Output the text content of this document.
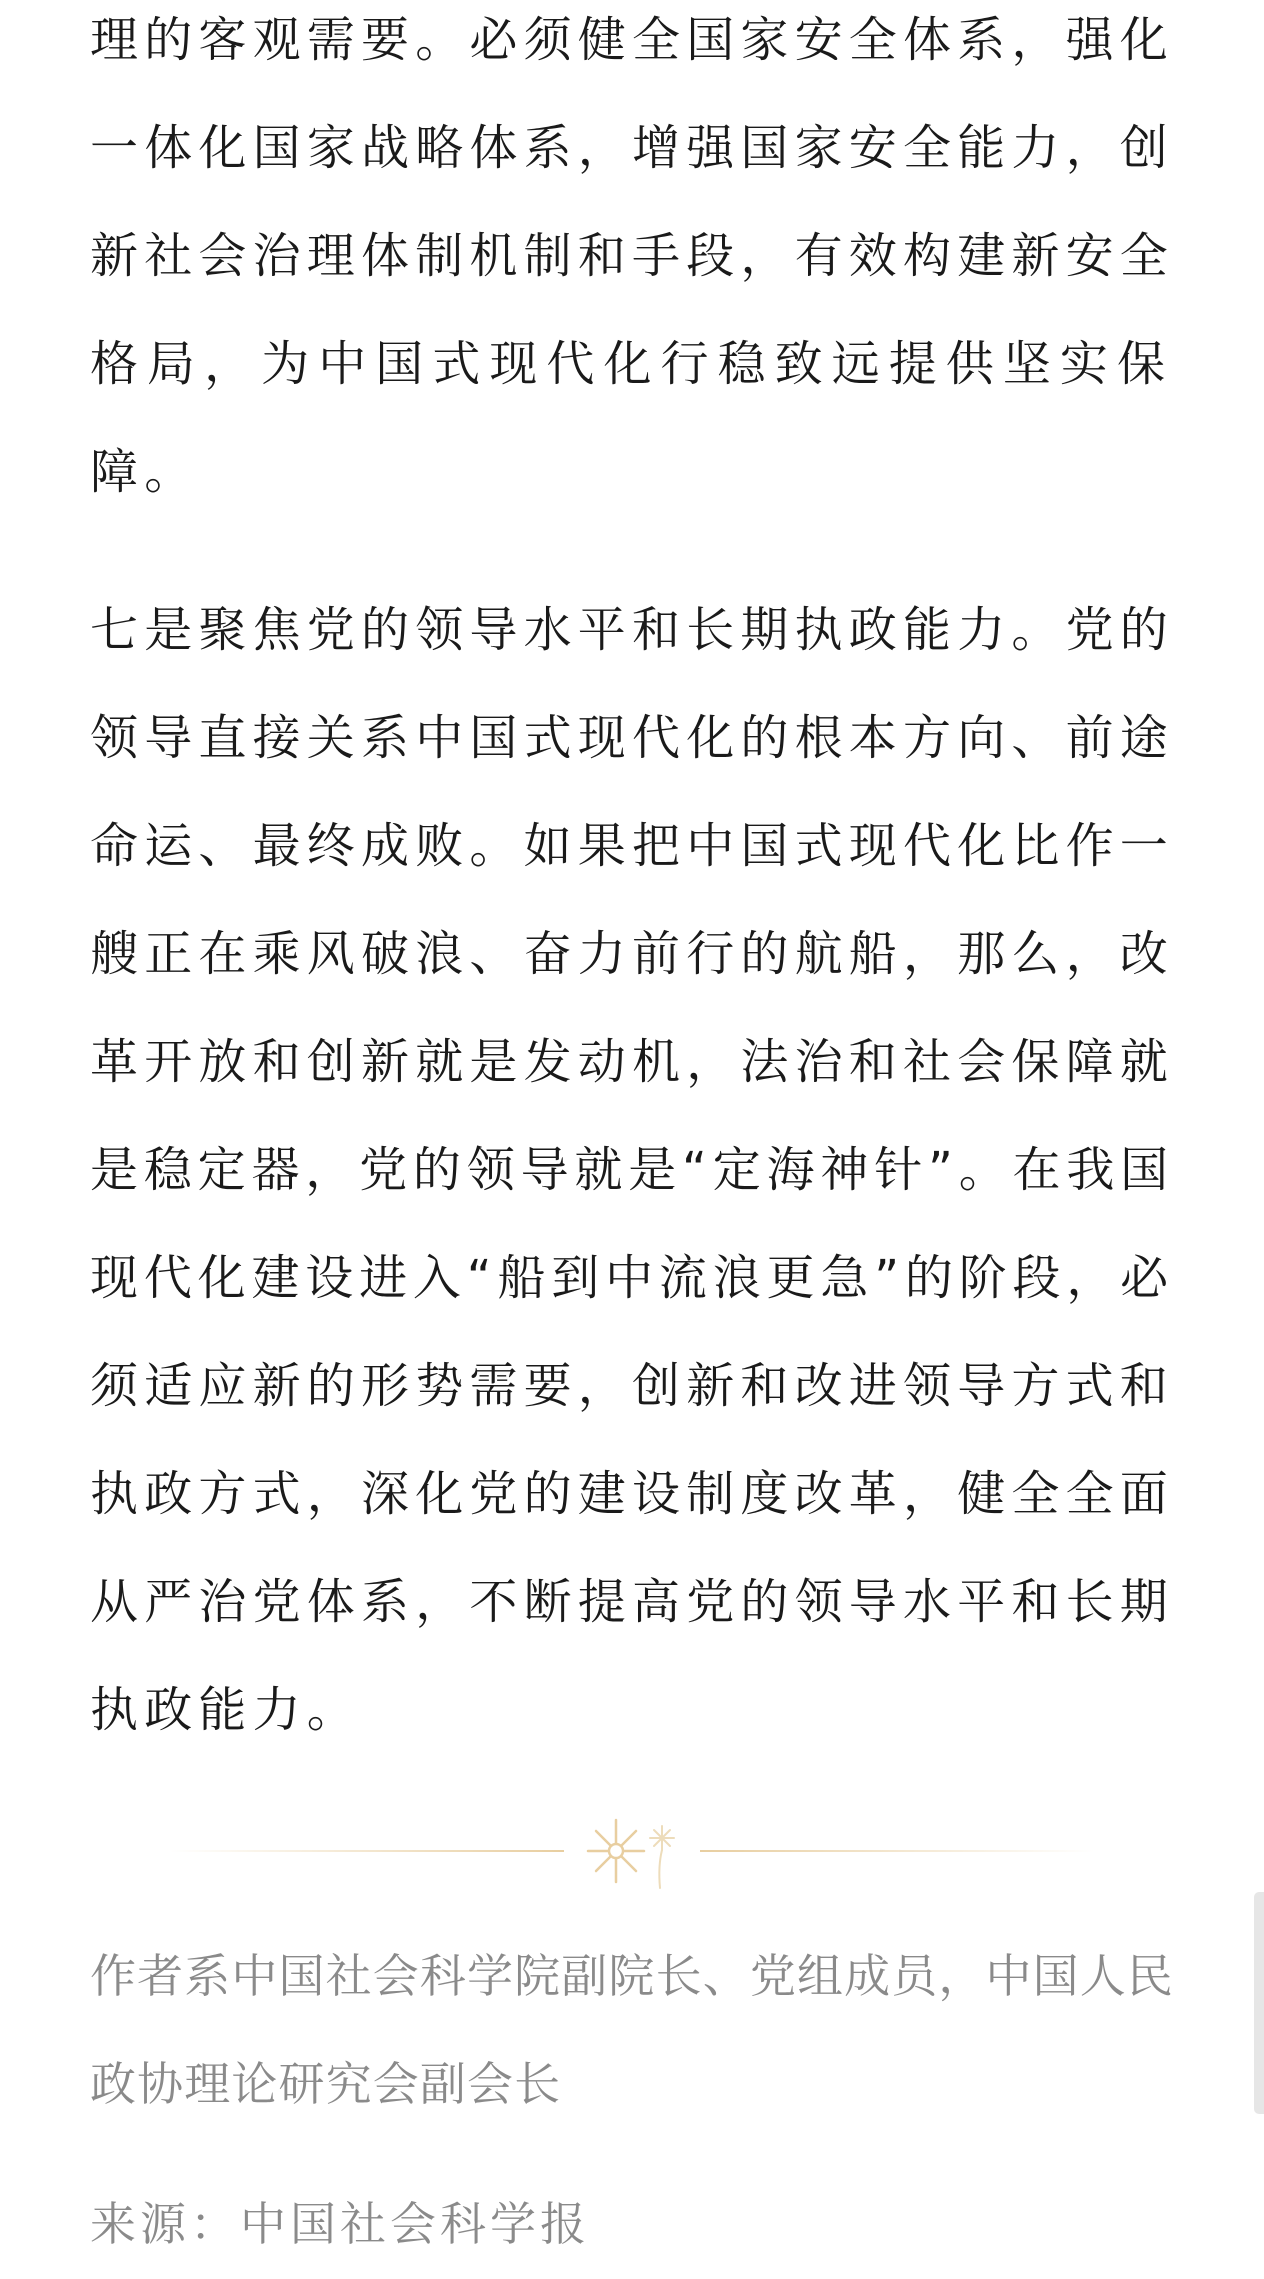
理的客观需要。必须健全国家安全体系，强化
一体化国家战略体系，增强国家安全能力，创
新社会治理体制机制和手段，有效构建新安全
格局，为中国式现代化行稳致远提供坚实保
障。
七是聚焦党的领导水平和长期执政能力。党的
领导直接关系中国式现代化的根本方向、前途
命运、最终成败。如果把中国式现代化比作一
艘正在乘风破浪、奋力前行的航船，那么，改
革开放和创新就是发动机，法治和社会保障就
是稳定器，党的领导就是“定海神针”。在我国
现代化建设进入“船到中流浪更急”的阶段，必
须适应新的形势需要，创新和改进领导方式和
执政方式，深化党的建设制度改革，健全全面
从严治党体系，不断提高党的领导水平和长期
执政能力。
作者系中国社会科学院副院长、党组成员，中国人民
政协理论研究会副会长
来源：中国社会科学报
